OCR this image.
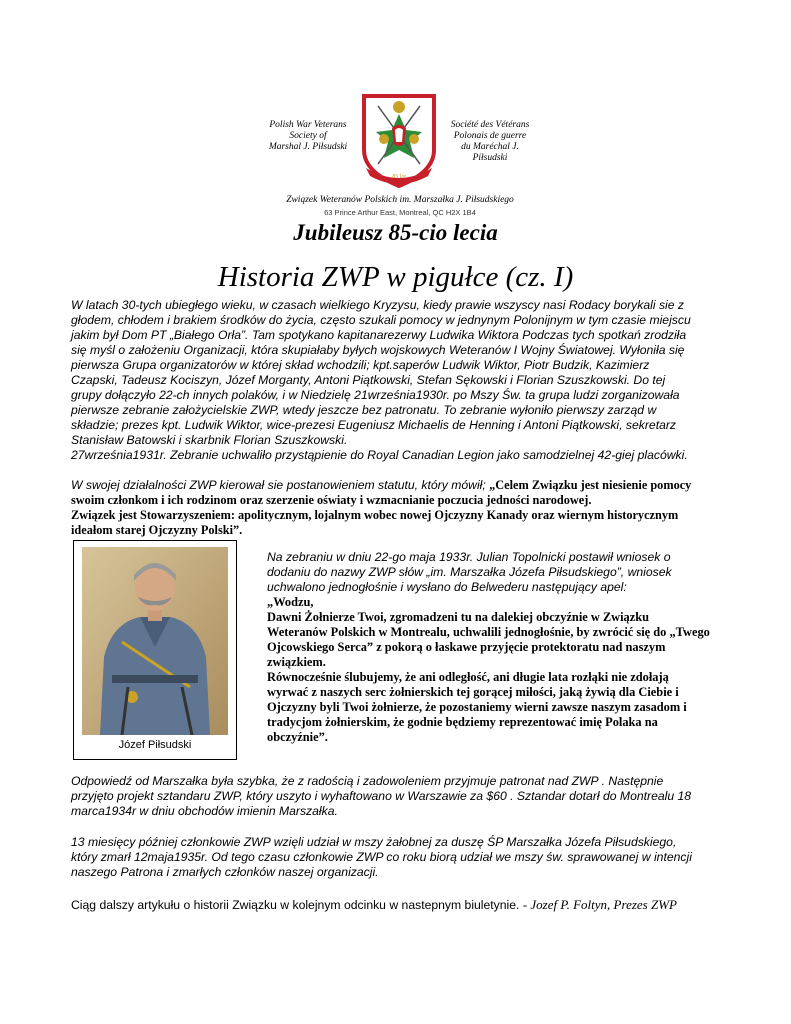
Polish War Veterans
Society of
Marshal J. Piłsudski
85 lat
Société des Vétérans
Polonais de guerre
du Maréchal J.
Piłsudski
Związek Weteranów Polskich im. Marszałka J. Piłsudskiego
63 Prince Arthur East, Montreal, QC H2X 1B4
Jubileusz 85-cio lecia
Historia ZWP w pigułce (cz. I)
W latach 30-tych ubiegłego wieku, w czasach wielkiego Kryzysu, kiedy prawie wszyscy nasi Rodacy borykali sie z
głodem, chłodem i brakiem środków do życia, często szukali pomocy w jednynym Polonijnym w tym czasie miejscu
jakim był Dom PT „Białego Orła”. Tam spotykano kapitanarezerwy Ludwika Wiktora Podczas tych spotkań zrodziła
się myśl o założeniu Organizacji, która skupiałaby byłych wojskowych Weteranów I Wojny Światowej. Wyłoniła się
pierwsza Grupa organizatorów w której skład wchodzili; kpt.saperów Ludwik Wiktor, Piotr Budzik, Kazimierz
Czapski, Tadeusz Kociszyn, Józef Morganty, Antoni Piątkowski, Stefan Sękowski i Florian Szuszkowski. Do tej
grupy dołączyło 22-ch innych polaków, i w Niedzielę 21września1930r. po Mszy Św. ta grupa ludzi zorganizowała
pierwsze zebranie założycielskie ZWP, wtedy jeszcze bez patronatu. To zebranie wyłoniło pierwszy zarząd w
składzie; prezes kpt. Ludwik Wiktor, wice-prezesi Eugeniusz Michaelis de Henning i Antoni Piątkowski, sekretarz
Stanisław Batowski i skarbnik Florian Szuszkowski.
27września1931r. Zebranie uchwaliło przystąpienie do Royal Canadian Legion jako samodzielnej 42-giej placówki.
W swojej działalności ZWP kierował sie postanowieniem statutu, który mówił; „Celem Związku jest niesienie pomocy
swoim członkom i ich rodzinom oraz szerzenie oświaty i wzmacnianie poczucia jedności narodowej.
Związek jest Stowarzyszeniem: apolitycznym, lojalnym wobec nowej Ojczyzny Kanady oraz wiernym historycznym
ideałom starej Ojczyzny Polski”.
Józef Piłsudski
Na zebraniu w dniu 22-go maja 1933r. Julian Topolnicki postawił wniosek o
dodaniu do nazwy ZWP słów „im. Marszałka Józefa Piłsudskiego”, wniosek
uchwalono jednogłośnie i wysłano do Belwederu następujący apel:
„Wodzu,
Dawni Żołnierze Twoi, zgromadzeni tu na dalekiej obczyźnie w Związku
Weteranów Polskich w Montrealu, uchwalili jednogłośnie, by zwrócić się do „Twego
Ojcowskiego Serca” z pokorą o łaskawe przyjęcie protektoratu nad naszym
związkiem.
Równocześnie ślubujemy, że ani odległość, ani długie lata rozłąki nie zdołają
wyrwać z naszych serc żołnierskich tej gorącej miłości, jaką żywią dla Ciebie i
Ojczyzny byli Twoi żołnierze, że pozostaniemy wierni zawsze naszym zasadom i
tradycjom żołnierskim, że godnie będziemy reprezentować imię Polaka na
obczyźnie”.
Odpowiedź od Marszałka była szybka, że z radością i zadowoleniem przyjmuje patronat nad ZWP . Następnie
przyjęto projekt sztandaru ZWP, który uszyto i wyhaftowano w Warszawie za $60 . Sztandar dotarł do Montrealu 18
marca1934r w dniu obchodów imienin Marszałka.
13 miesięcy później członkowie ZWP wzięli udział w mszy żałobnej za duszę ŚP Marszałka Józefa Piłsudskiego,
który zmarł 12maja1935r. Od tego czasu członkowie ZWP co roku biorą udział we mszy św. sprawowanej w intencji
naszego Patrona i zmarłych członków naszej organizacji.
Ciąg dalszy artykułu o historii Związku w kolejnym odcinku w nastepnym biuletynie. - Jozef P. Foltyn, Prezes ZWP
